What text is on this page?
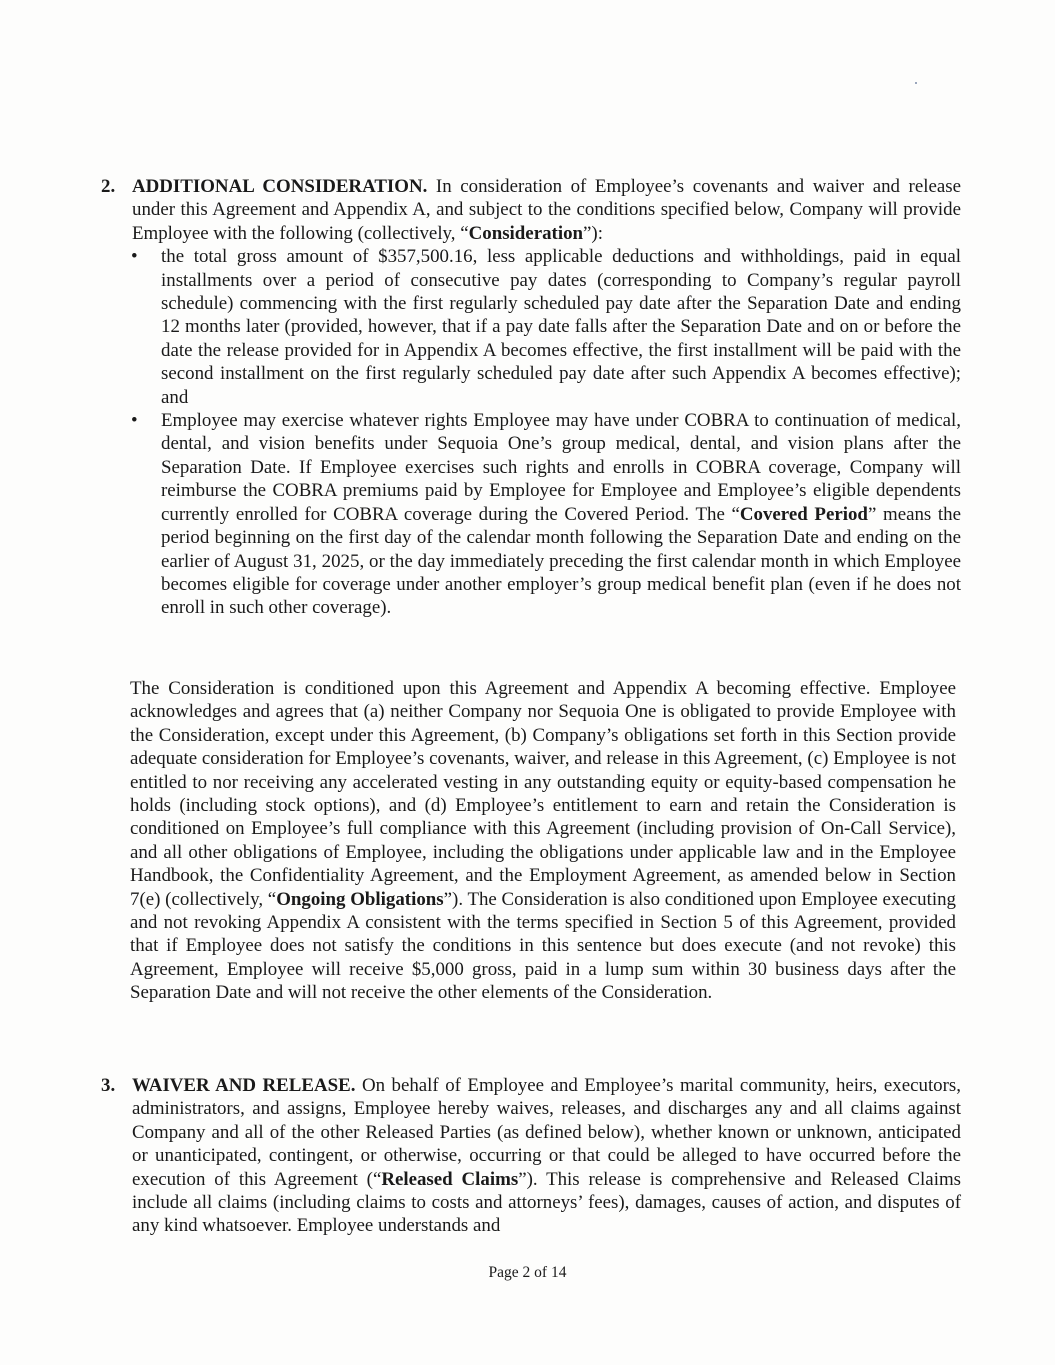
2. ADDITIONAL CONSIDERATION. In consideration of Employee’s covenants and waiver and release under this Agreement and Appendix A, and subject to the conditions specified below, Company will provide Employee with the following (collectively, “Consideration”):
• the total gross amount of $357,500.16, less applicable deductions and withholdings, paid in equal installments over a period of consecutive pay dates (corresponding to Company’s regular payroll schedule) commencing with the first regularly scheduled pay date after the Separation Date and ending 12 months later (provided, however, that if a pay date falls after the Separation Date and on or before the date the release provided for in Appendix A becomes effective, the first installment will be paid with the second installment on the first regularly scheduled pay date after such Appendix A becomes effective); and
• Employee may exercise whatever rights Employee may have under COBRA to continuation of medical, dental, and vision benefits under Sequoia One’s group medical, dental, and vision plans after the Separation Date. If Employee exercises such rights and enrolls in COBRA coverage, Company will reimburse the COBRA premiums paid by Employee for Employee and Employee’s eligible dependents currently enrolled for COBRA coverage during the Covered Period. The “Covered Period” means the period beginning on the first day of the calendar month following the Separation Date and ending on the earlier of August 31, 2025, or the day immediately preceding the first calendar month in which Employee becomes eligible for coverage under another employer’s group medical benefit plan (even if he does not enroll in such other coverage).
The Consideration is conditioned upon this Agreement and Appendix A becoming effective. Employee acknowledges and agrees that (a) neither Company nor Sequoia One is obligated to provide Employee with the Consideration, except under this Agreement, (b) Company’s obligations set forth in this Section provide adequate consideration for Employee’s covenants, waiver, and release in this Agreement, (c) Employee is not entitled to nor receiving any accelerated vesting in any outstanding equity or equity-based compensation he holds (including stock options), and (d) Employee’s entitlement to earn and retain the Consideration is conditioned on Employee’s full compliance with this Agreement (including provision of On-Call Service), and all other obligations of Employee, including the obligations under applicable law and in the Employee Handbook, the Confidentiality Agreement, and the Employment Agreement, as amended below in Section 7(e) (collectively, “Ongoing Obligations”). The Consideration is also conditioned upon Employee executing and not revoking Appendix A consistent with the terms specified in Section 5 of this Agreement, provided that if Employee does not satisfy the conditions in this sentence but does execute (and not revoke) this Agreement, Employee will receive $5,000 gross, paid in a lump sum within 30 business days after the Separation Date and will not receive the other elements of the Consideration.
3. WAIVER AND RELEASE. On behalf of Employee and Employee’s marital community, heirs, executors, administrators, and assigns, Employee hereby waives, releases, and discharges any and all claims against Company and all of the other Released Parties (as defined below), whether known or unknown, anticipated or unanticipated, contingent, or otherwise, occurring or that could be alleged to have occurred before the execution of this Agreement (“Released Claims”). This release is comprehensive and Released Claims include all claims (including claims to costs and attorneys’ fees), damages, causes of action, and disputes of any kind whatsoever. Employee understands and
Page 2 of 14
